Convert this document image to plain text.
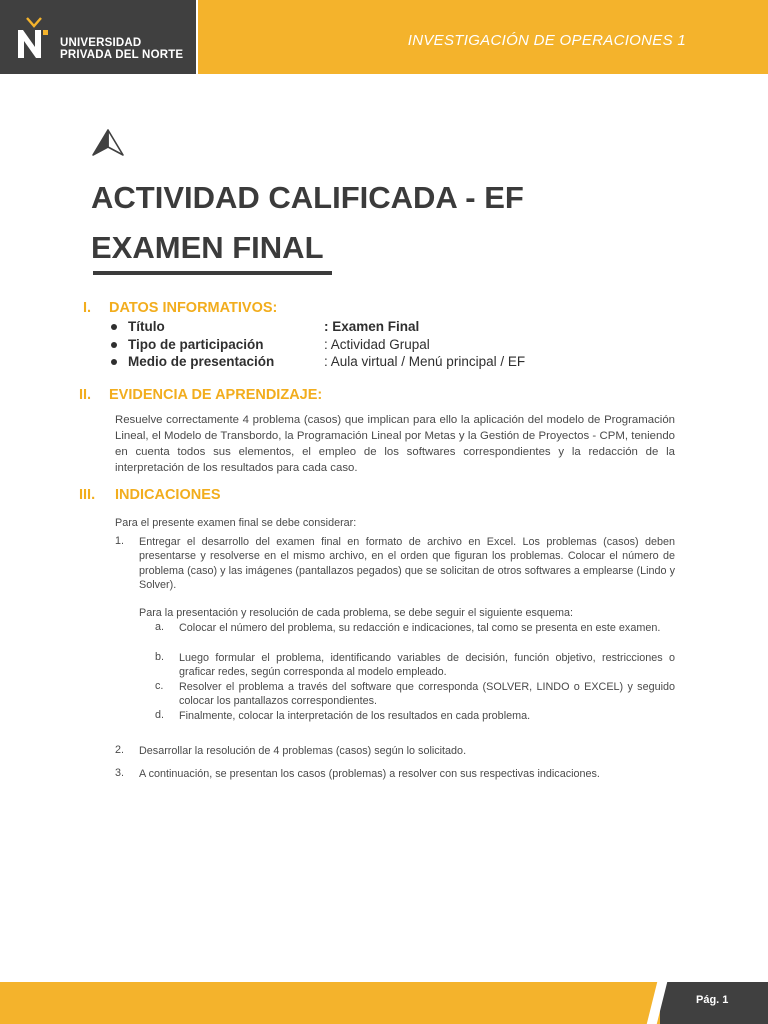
UNIVERSIDAD
PRIVADA DEL NORTE
INVESTIGACIÓN DE OPERACIONES 1
ACTIVIDAD CALIFICADA - EF
EXAMEN FINAL
I. DATOS INFORMATIVOS:
Título	: Examen Final
Tipo de participación	: Actividad Grupal
Medio de presentación	: Aula virtual / Menú principal / EF
II. EVIDENCIA DE APRENDIZAJE:

Resuelve correctamente 4 problema (casos) que implican para ello la aplicación del modelo de Programación Lineal, el Modelo de Transbordo, la Programación Lineal por Metas y la Gestión de Proyectos - CPM, teniendo en cuenta todos sus elementos, el empleo de los softwares correspondientes y la redacción de la interpretación de los resultados para cada caso.

III. INDICACIONES

Para el presente examen final se debe considerar:

1. Entregar el desarrollo del examen final en formato de archivo en Excel. Los problemas (casos) deben presentarse y resolverse en el mismo archivo, en el orden que figuran los problemas. Colocar el número de problema (caso) y las imágenes (pantallazos pegados) que se solicitan de otros softwares a emplearse (Lindo y Solver).

Para la presentación y resolución de cada problema, se debe seguir el siguiente esquema:

a. Colocar el número del problema, su redacción e indicaciones, tal como se presenta en este examen.

b. Luego formular el problema, identificando variables de decisión, función objetivo, restricciones o graficar redes, según corresponda al modelo empleado.

c. Resolver el problema a través del software que corresponda (SOLVER, LINDO o EXCEL) y seguido colocar los pantallazos correspondientes.

d. Finalmente, colocar la interpretación de los resultados en cada problema.

2. Desarrollar la resolución de 4 problemas (casos) según lo solicitado.

3. A continuación, se presentan los casos (problemas) a resolver con sus respectivas indicaciones.

Pág. 1
